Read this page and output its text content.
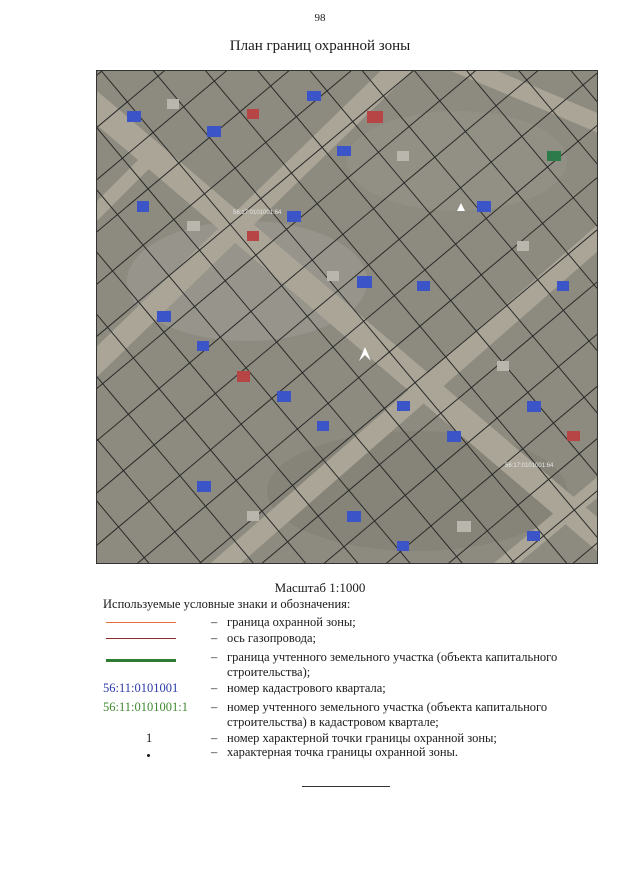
98
План границ охранной зоны
56:17:0101001:64
56:17:0101001:64
Масштаб 1:1000
Используемые условные знаки и обозначения:
– граница охранной зоны;
– ось газопровода;
– граница учтенного земельного участка (объекта капитального строительства);
56:11:0101001	– номер кадастрового квартала;
56:11:0101001:1	– номер учтенного земельного участка (объекта капитального строительства) в кадастровом квартале;
1	– номер характерной точки границы охранной зоны;
– характерная точка границы охранной зоны.
